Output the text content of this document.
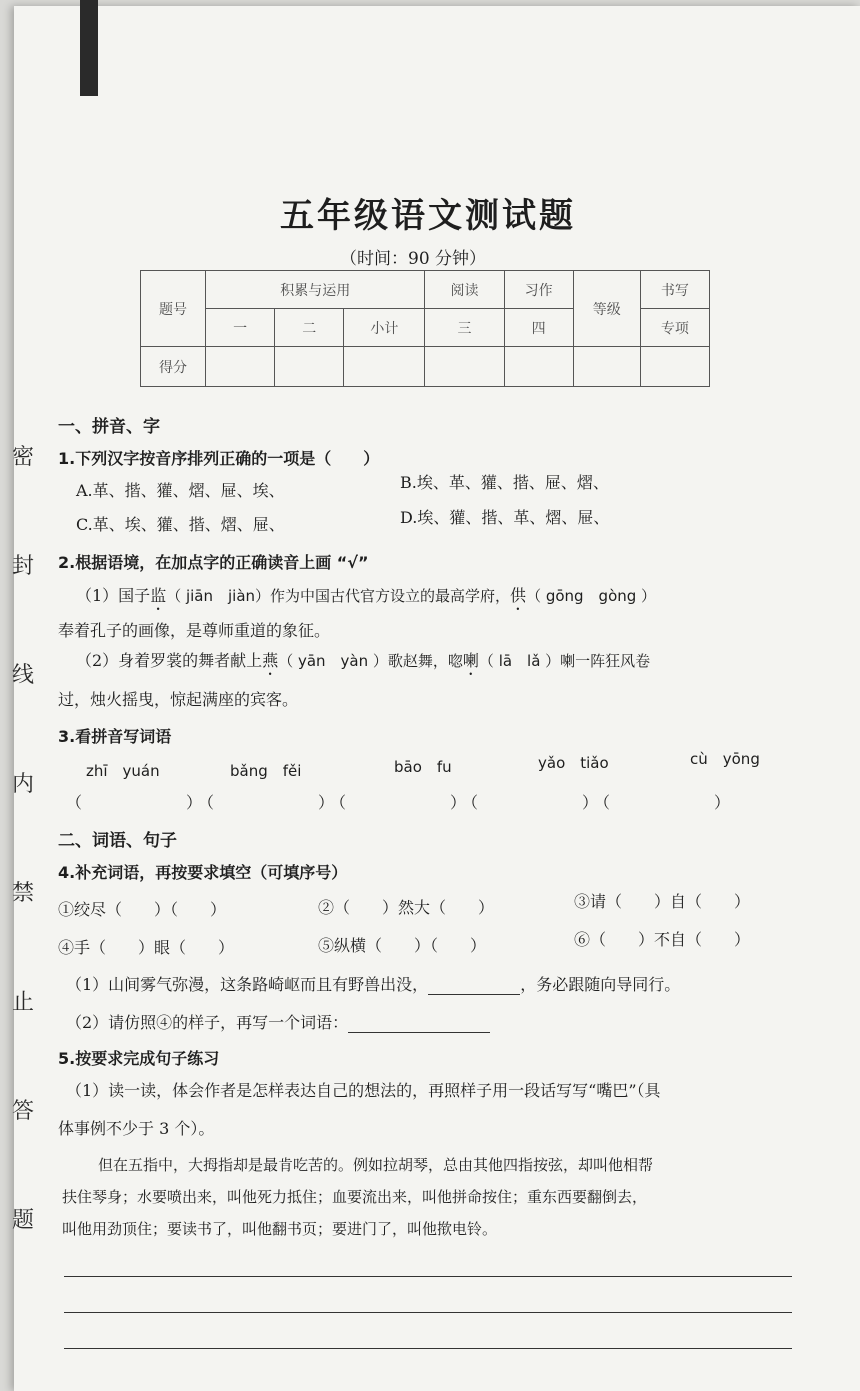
密
封
线
内
禁
止
答
题
五年级语文测试题
（时间：90 分钟）
题号	积累与运用			阅读	习作	等级	书写
	一	二	小计	三	四		专项
得分							
一、拼音、字
1.下列汉字按音序排列正确的一项是（　　）
A.革、揩、獾、熠、屉、埃、	B.埃、革、獾、揩、屉、熠、
C.革、埃、獾、揩、熠、屉、	D.埃、獾、揩、革、熠、屉、
2.根据语境，在加点字的正确读音上画 “√”
（1）国子监（ jiān　jiàn）作为中国古代官方设立的最高学府，供（ gōng　gòng ）
奉着孔子的画像，是尊师重道的象征。
（2）身着罗裳的舞者献上燕（ yān　yàn ）歌赵舞，唿喇（ lā　lǎ ）喇一阵狂风卷
过，烛火摇曳，惊起满座的宾客。
3.看拼音写词语
zhī　yuán	bǎng　fěi	bāo　fu	yǎo　tiǎo	cù　yōng
（　　　　　）（　　　　　）（　　　　　）（　　　　　）（　　　　　）
二、词语、句子
4.补充词语，再按要求填空（可填序号）
①绞尽（　　）（　　）	②（　　）然大（　　）	③请（　　）自（　　）
④手（　　）眼（　　）	⑤纵横（　　）（　　）	⑥（　　）不自（　　）
（1）山间雾气弥漫，这条路崎岖而且有野兽出没，	，务必跟随向导同行。
（2）请仿照④的样子，再写一个词语：
5.按要求完成句子练习
（1）读一读，体会作者是怎样表达自己的想法的，再照样子用一段话写写“嘴巴”（具
体事例不少于 3 个）。
但在五指中，大拇指却是最肯吃苦的。例如拉胡琴，总由其他四指按弦，却叫他相帮
扶住琴身；水要喷出来，叫他死力抵住；血要流出来，叫他拼命按住；重东西要翻倒去，
叫他用劲顶住；要读书了，叫他翻书页；要进门了，叫他揿电铃。
